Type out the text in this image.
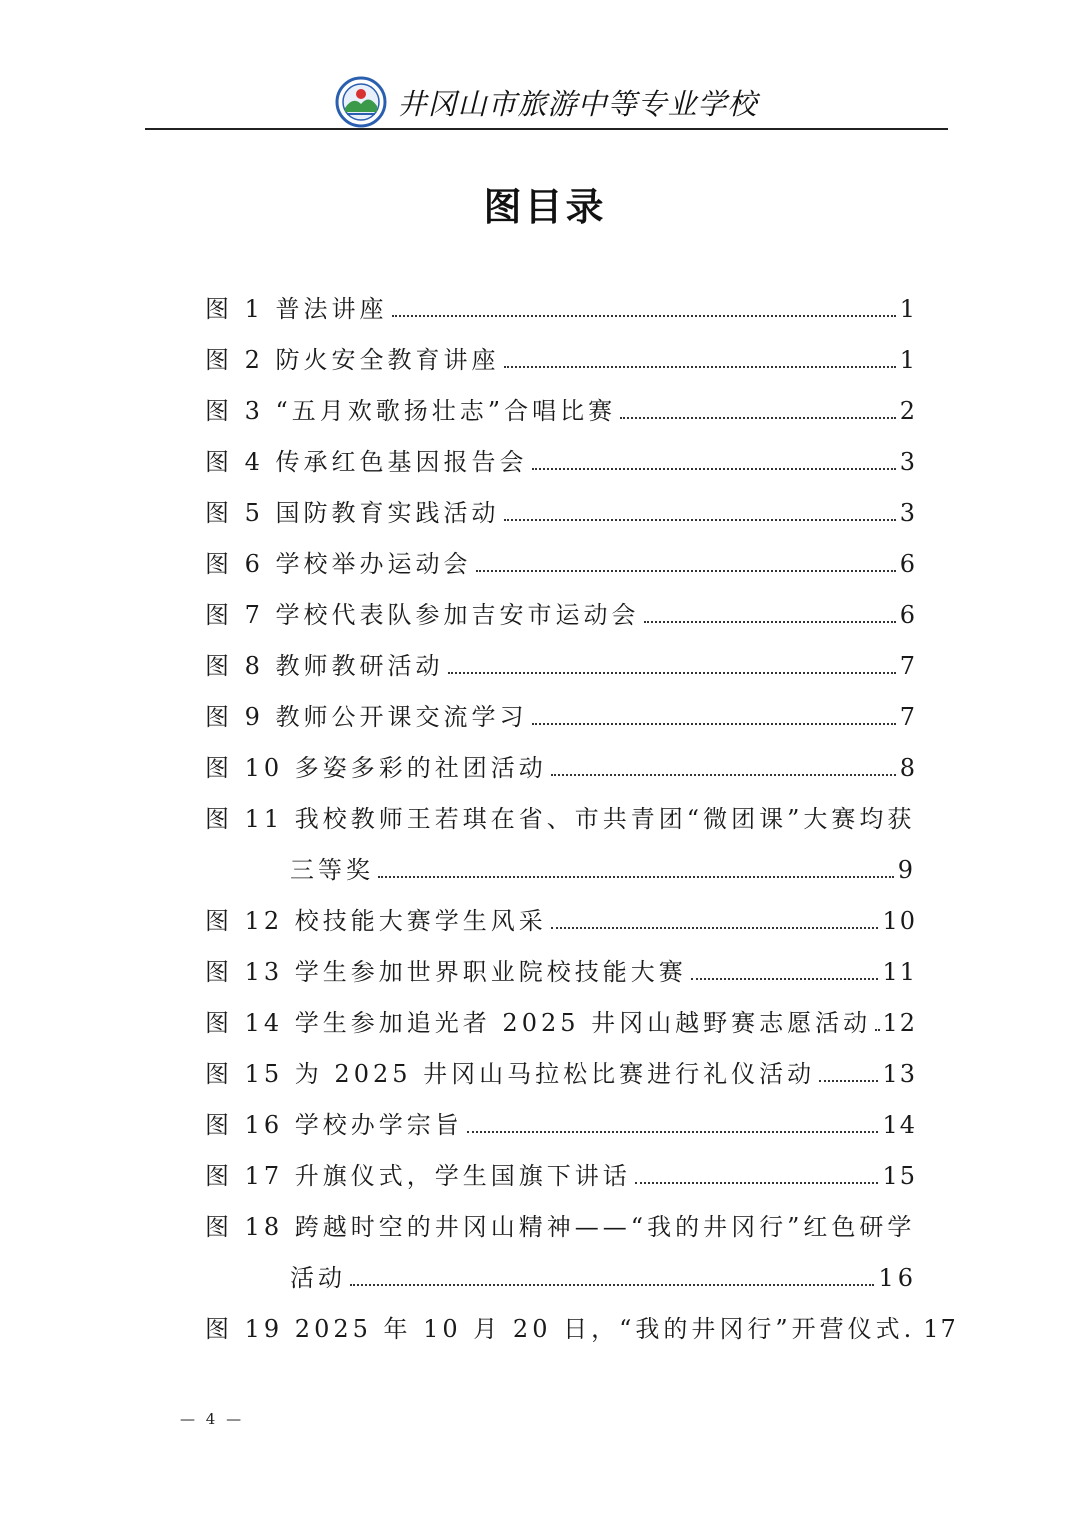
井冈山市旅游中等专业学校
图目录
图 1 普法讲座	1
图 2 防火安全教育讲座	1
图 3 “五月欢歌扬壮志”合唱比赛	2
图 4 传承红色基因报告会	3
图 5 国防教育实践活动	3
图 6 学校举办运动会	6
图 7 学校代表队参加吉安市运动会	6
图 8 教师教研活动	7
图 9 教师公开课交流学习	7
图 10 多姿多彩的社团活动	8
图 11 我校教师王若琪在省、市共青团“微团课”大赛均获
三等奖	9
图 12 校技能大赛学生风采	10
图 13 学生参加世界职业院校技能大赛	11
图 14 学生参加追光者 2025 井冈山越野赛志愿活动 12
图 15 为 2025 井冈山马拉松比赛进行礼仪活动	13
图 16 学校办学宗旨	14
图 17 升旗仪式，学生国旗下讲话	15
图 18 跨越时空的井冈山精神——“我的井冈行”红色研学
活动	16
图 19 2025 年 10 月 20 日，“我的井冈行”开营仪式. 17
— 4 —
